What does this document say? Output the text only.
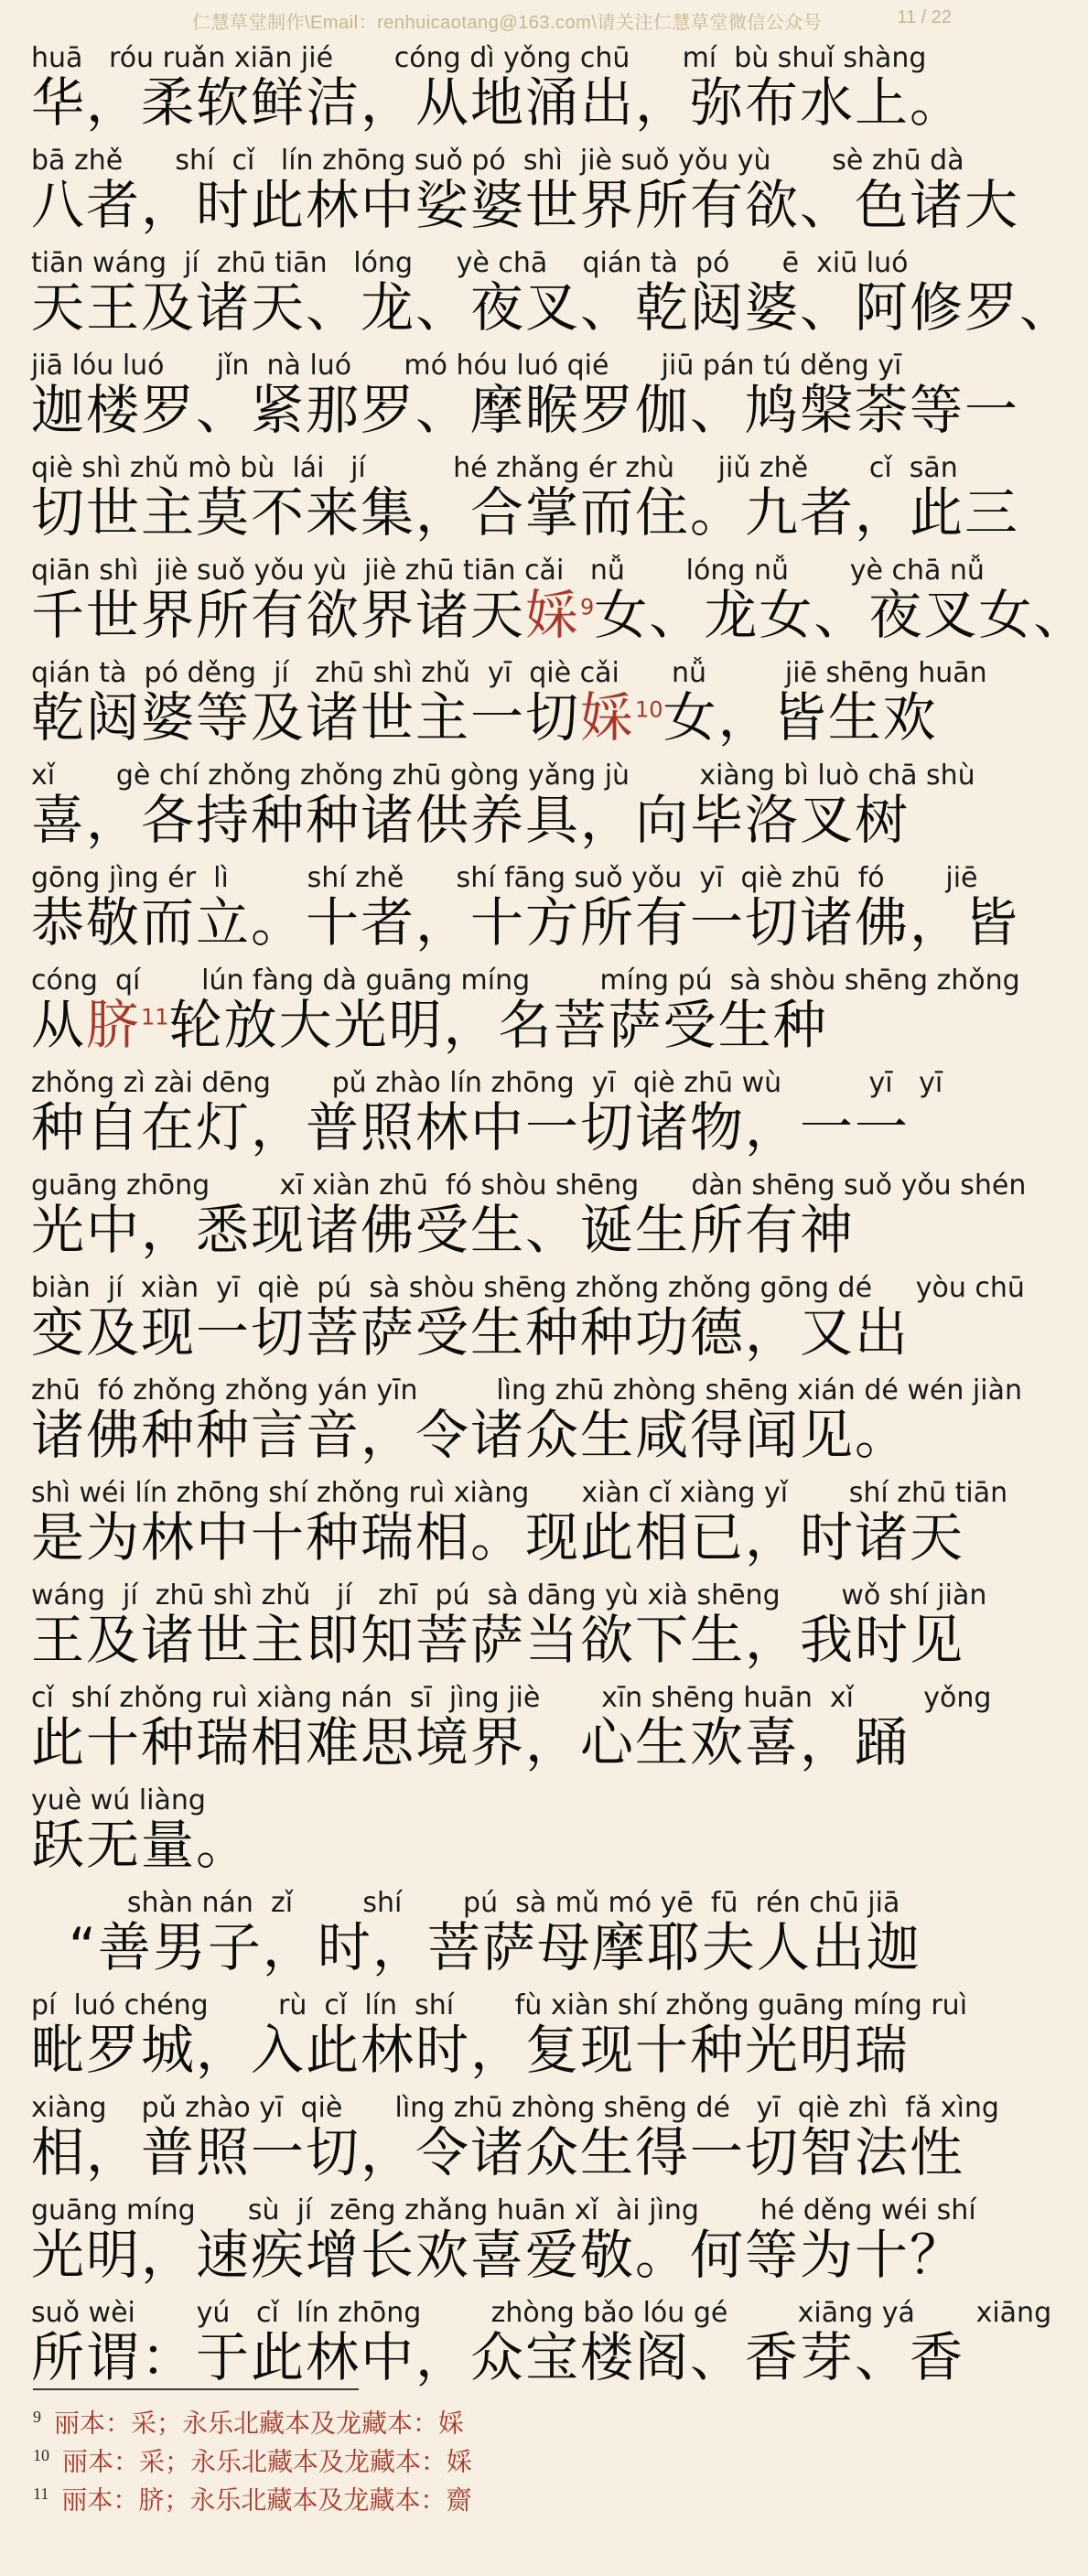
仁慧草堂制作\Email：renhuicaotang@163.com\请关注仁慧草堂微信公众号	11 / 22
huā   róu ruǎn xiān jié       cóng dì yǒng chū      mí  bù shuǐ shàng
华，柔软鲜洁，从地涌出，弥布水上。
bā zhě      shí  cǐ   lín zhōng suǒ pó  shì  jiè suǒ yǒu yù       sè zhū dà
八者，时此林中娑婆世界所有欲、色诸大
tiān wáng  jí  zhū tiān   lóng     yè chā    qián tà  pó      ē  xiū luó
天王及诸天、龙、夜叉、乾闼婆、阿修罗、
jiā lóu luó      jǐn  nà luó      mó hóu luó qié      jiū pán tú děng yī
迦楼罗、紧那罗、摩睺罗伽、鸠槃荼等一
qiè shì zhǔ mò bù  lái   jí          hé zhǎng ér zhù     jiǔ zhě       cǐ  sān
切世主莫不来集，合掌而住。九者，此三
qiān shì  jiè suǒ yǒu yù  jiè zhū tiān cǎi   nǚ       lóng nǚ       yè chā nǚ
千世界所有欲界诸天婇$^9$女、龙女、夜叉女、
qián tà  pó děng  jí   zhū shì zhǔ  yī  qiè cǎi      nǚ         jiē shēng huān
乾闼婆等及诸世主一切婇$^{10}$女，皆生欢
xǐ       gè chí zhǒng zhǒng zhū gòng yǎng jù        xiàng bì luò chā shù
喜，各持种种诸供养具，向毕洛叉树
gōng jìng ér  lì         shí zhě      shí fāng suǒ yǒu  yī  qiè zhū  fó       jiē
恭敬而立。十者，十方所有一切诸佛，皆
cóng  qí       lún fàng dà guāng míng        míng pú  sà shòu shēng zhǒng
从脐$^{11}$轮放大光明，名菩萨受生种
zhǒng zì zài dēng       pǔ zhào lín zhōng  yī  qiè zhū wù          yī   yī
种自在灯，普照林中一切诸物，一一
guāng zhōng        xī xiàn zhū  fó shòu shēng      dàn shēng suǒ yǒu shén
光中，悉现诸佛受生、诞生所有神
biàn  jí  xiàn  yī  qiè  pú  sà shòu shēng zhǒng zhǒng gōng dé     yòu chū
变及现一切菩萨受生种种功德，又出
zhū  fó zhǒng zhǒng yán yīn         lìng zhū zhòng shēng xián dé wén jiàn
诸佛种种言音，令诸众生咸得闻见。
shì wéi lín zhōng shí zhǒng ruì xiàng      xiàn cǐ xiàng yǐ       shí zhū tiān
是为林中十种瑞相。现此相已，时诸天
wáng  jí  zhū shì zhǔ   jí   zhī  pú  sà dāng yù xià shēng       wǒ shí jiàn
王及诸世主即知菩萨当欲下生，我时见
cǐ  shí zhǒng ruì xiàng nán  sī  jìng jiè       xīn shēng huān  xǐ        yǒng
此十种瑞相难思境界，心生欢喜，踊
yuè wú liàng
跃无量。
shàn nán  zǐ        shí       pú  sà mǔ mó yē  fū  rén chū jiā
“善男子，时，菩萨母摩耶夫人出迦
pí  luó chéng        rù  cǐ  lín  shí       fù xiàn shí zhǒng guāng míng ruì
毗罗城，入此林时，复现十种光明瑞
xiàng    pǔ zhào yī  qiè      lìng zhū zhòng shēng dé   yī  qiè zhì  fǎ xìng
相，普照一切，令诸众生得一切智法性
guāng míng      sù  jí  zēng zhǎng huān xǐ  ài jìng       hé děng wéi shí
光明，速疾增长欢喜爱敬。何等为十？
suǒ wèi       yú   cǐ  lín zhōng        zhòng bǎo lóu gé        xiāng yá       xiāng
所谓：于此林中，众宝楼阁、香芽、香
$^9$ 丽本：采；永乐北藏本及龙藏本：婇
$^{10}$ 丽本：采；永乐北藏本及龙藏本：婇
$^{11}$ 丽本：脐；永乐北藏本及龙藏本：齌
